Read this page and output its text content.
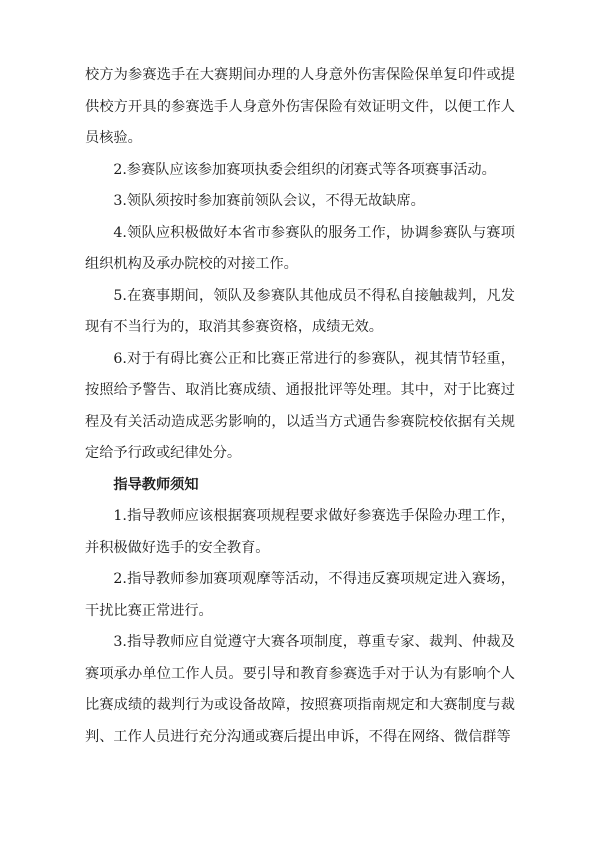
校方为参赛选手在大赛期间办理的人身意外伤害保险保单复印件或提供校方开具的参赛选手人身意外伤害保险有效证明文件，以便工作人员核验。

2.参赛队应该参加赛项执委会组织的闭赛式等各项赛事活动。

3.领队须按时参加赛前领队会议，不得无故缺席。

4.领队应积极做好本省市参赛队的服务工作，协调参赛队与赛项组织机构及承办院校的对接工作。

5.在赛事期间，领队及参赛队其他成员不得私自接触裁判，凡发现有不当行为的，取消其参赛资格，成绩无效。

6.对于有碍比赛公正和比赛正常进行的参赛队，视其情节轻重，按照给予警告、取消比赛成绩、通报批评等处理。其中，对于比赛过程及有关活动造成恶劣影响的，以适当方式通告参赛院校依据有关规定给予行政或纪律处分。

指导教师须知

1.指导教师应该根据赛项规程要求做好参赛选手保险办理工作，并积极做好选手的安全教育。

2.指导教师参加赛项观摩等活动，不得违反赛项规定进入赛场，干扰比赛正常进行。

3.指导教师应自觉遵守大赛各项制度，尊重专家、裁判、仲裁及赛项承办单位工作人员。要引导和教育参赛选手对于认为有影响个人比赛成绩的裁判行为或设备故障，按照赛项指南规定和大赛制度与裁判、工作人员进行充分沟通或赛后提出申诉，不得在网络、微信群等
